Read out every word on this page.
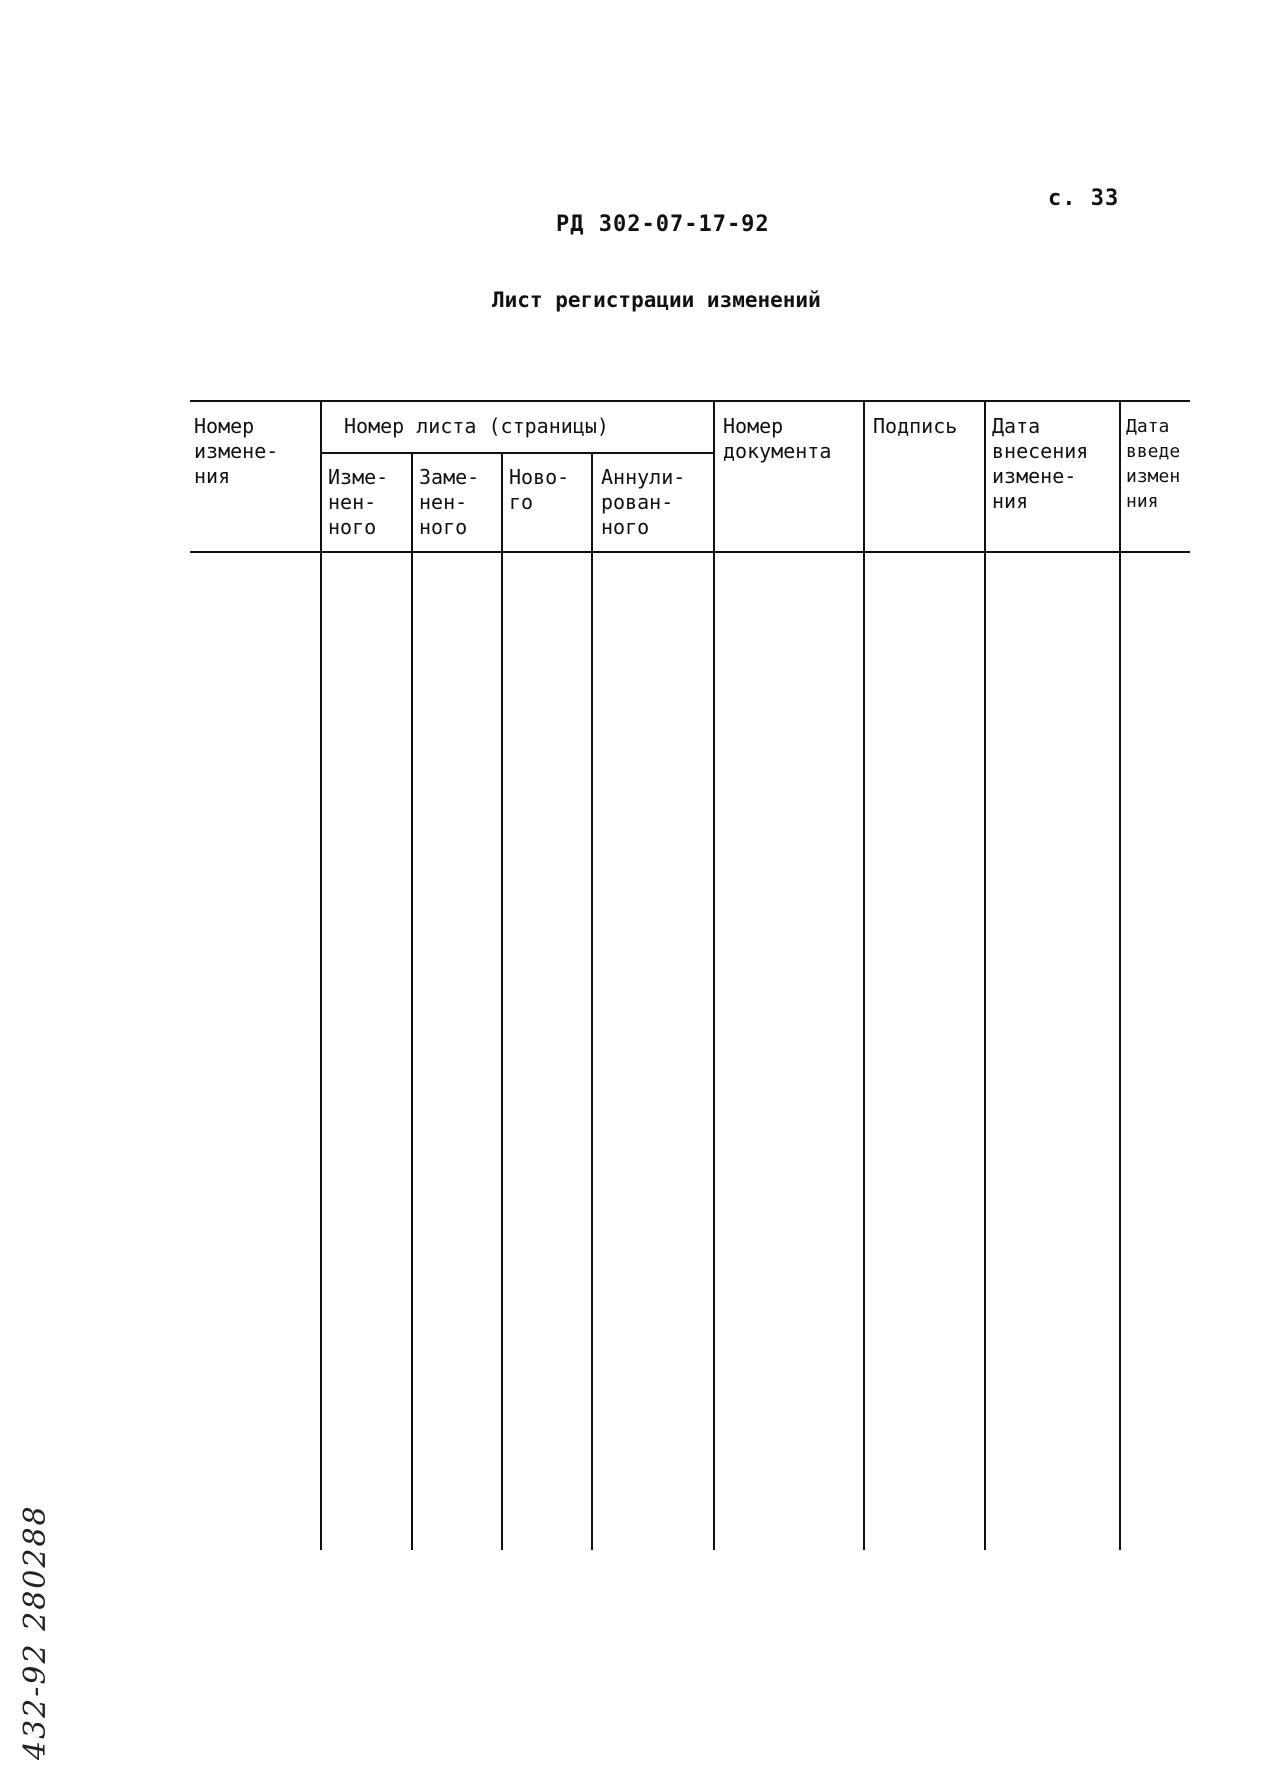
с. 33
РД 302-07-17-92
Лист регистрации изменений
Номер
измене-
ния
Номер листа (страницы)
Изме-
нен-
ного
Заме-
нен-
ного
Ново-
го
Аннули-
рован-
ного
Номер
документа
Подпись Дата
внесения
измене-
ния
Дата
введе
измен
ния
432-92 280288
